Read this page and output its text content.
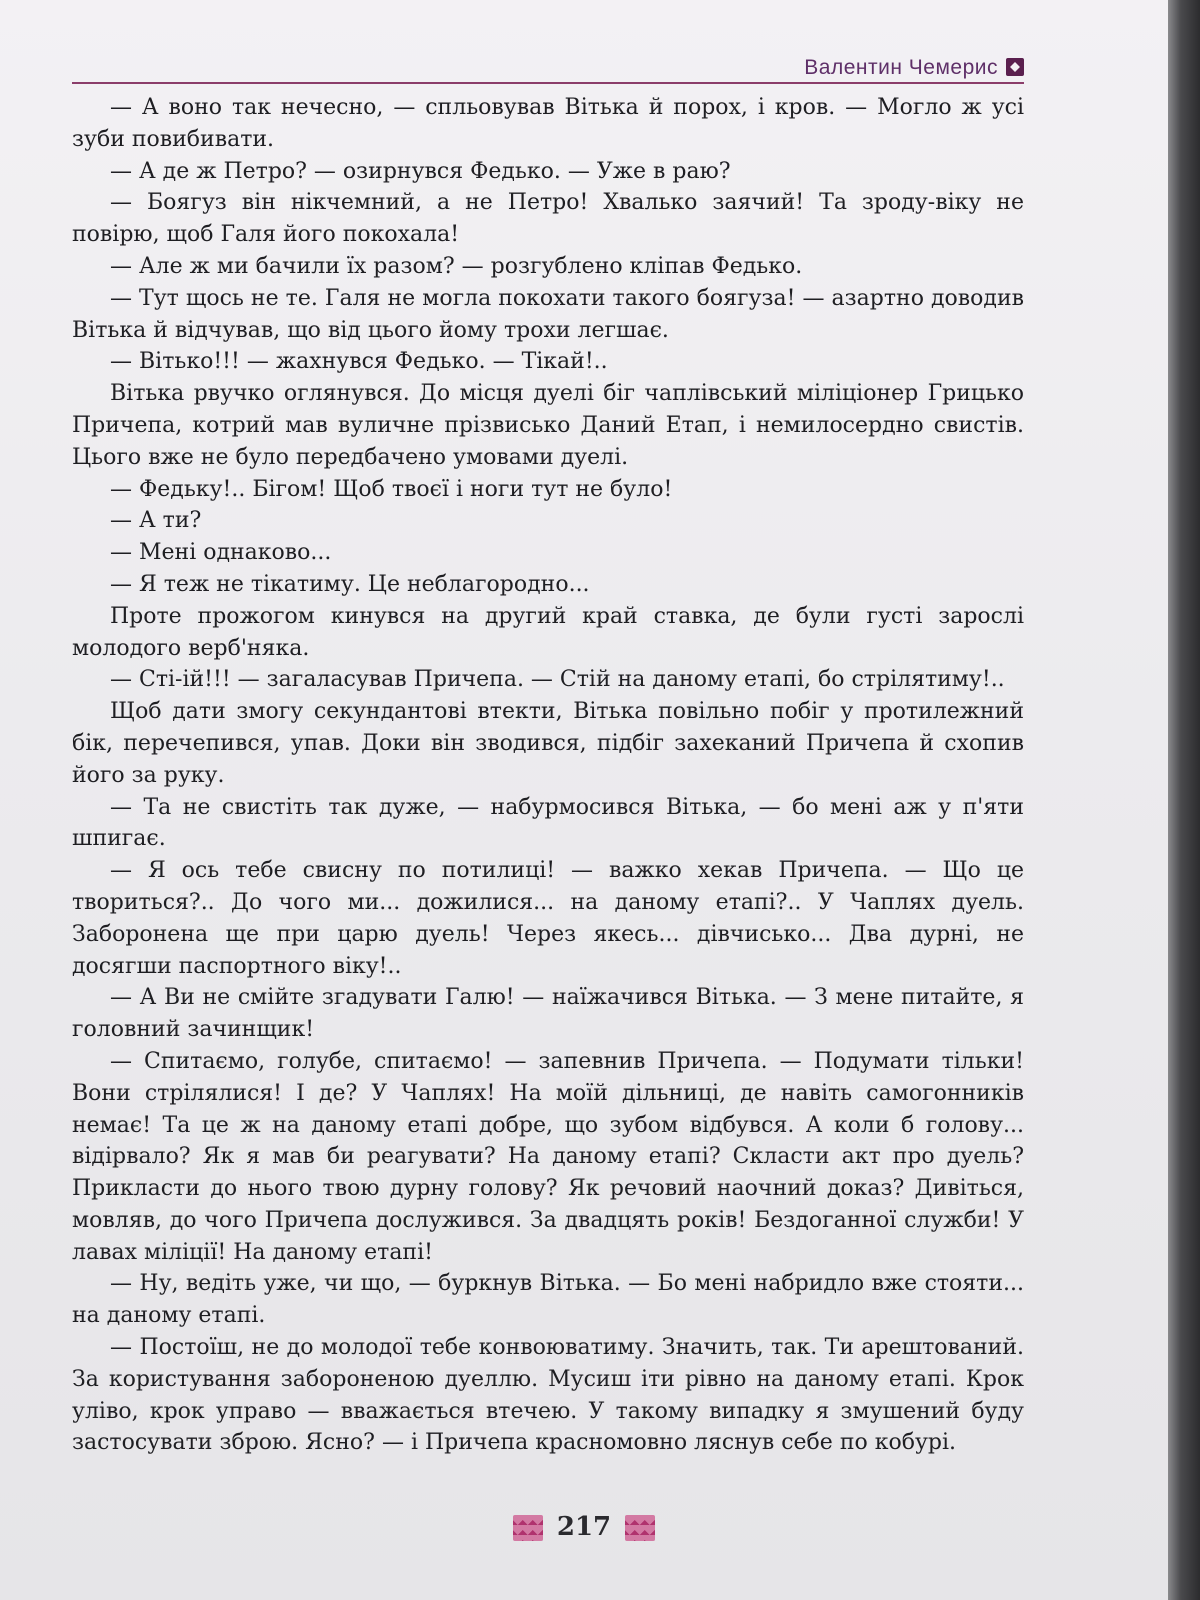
Валентин Чемерис

— А воно так нечесно, — спльовував Вітька й порох, і кров. — Могло ж усі зуби повибивати.

— А де ж Петро? — озирнувся Федько. — Уже в раю?

— Боягуз він нікчемний, а не Петро! Хвалько заячий! Та зроду-віку не повірю, щоб Галя його покохала!

— Але ж ми бачили їх разом? — розгублено кліпав Федько.

— Тут щось не те. Галя не могла покохати такого боягуза! — азартно доводив Вітька й відчував, що від цього йому трохи легшає.

— Вітько!!! — жахнувся Федько. — Тікай!..

Вітька рвучко оглянувся. До місця дуелі біг чаплівський міліціонер Грицько Причепа, котрий мав вуличне прізвисько Даний Етап, і немилосердно свистів. Цього вже не було передбачено умовами дуелі.

— Федьку!.. Бігом! Щоб твоєї і ноги тут не було!

— А ти?

— Мені однаково...

— Я теж не тікатиму. Це неблагородно...

Проте прожогом кинувся на другий край ставка, де були густі зарослі молодого верб'няка.

— Сті-ій!!! — загаласував Причепа. — Стій на даному етапі, бо стрілятиму!..

Щоб дати змогу секундантові втекти, Вітька повільно побіг у протилежний бік, перечепився, упав. Доки він зводився, підбіг захеканий Причепа й схопив його за руку.

— Та не свистіть так дуже, — набурмосився Вітька, — бо мені аж у п'яти шпигає.

— Я ось тебе свисну по потилиці! — важко хекав Причепа. — Що це твориться?.. До чого ми... дожилися... на даному етапі?.. У Чаплях дуель. Заборонена ще при царю дуель! Через якесь... дівчисько... Два дурні, не досягши паспортного віку!..

— А Ви не смійте згадувати Галю! — наїжачився Вітька. — З мене питайте, я головний зачинщик!

— Спитаємо, голубе, спитаємо! — запевнив Причепа. — Подумати тільки! Вони стрілялися! І де? У Чаплях! На моїй дільниці, де навіть самогонників немає! Та це ж на даному етапі добре, що зубом відбувся. А коли б голову... відірвало? Як я мав би реагувати? На даному етапі? Скласти акт про дуель? Прикласти до нього твою дурну голову? Як речовий наочний доказ? Дивіться, мовляв, до чого Причепа дослужився. За двадцять років! Бездоганної служби! У лавах міліції! На даному етапі!

— Ну, ведіть уже, чи що, — буркнув Вітька. — Бо мені набридло вже стояти... на даному етапі.

— Постоїш, не до молодої тебе конвоюватиму. Значить, так. Ти арештований. За користування забороненою дуеллю. Мусиш іти рівно на даному етапі. Крок уліво, крок управо — вважається втечею. У такому випадку я змушений буду застосувати зброю. Ясно? — і Причепа красномовно ляснув себе по кобурі.

217
